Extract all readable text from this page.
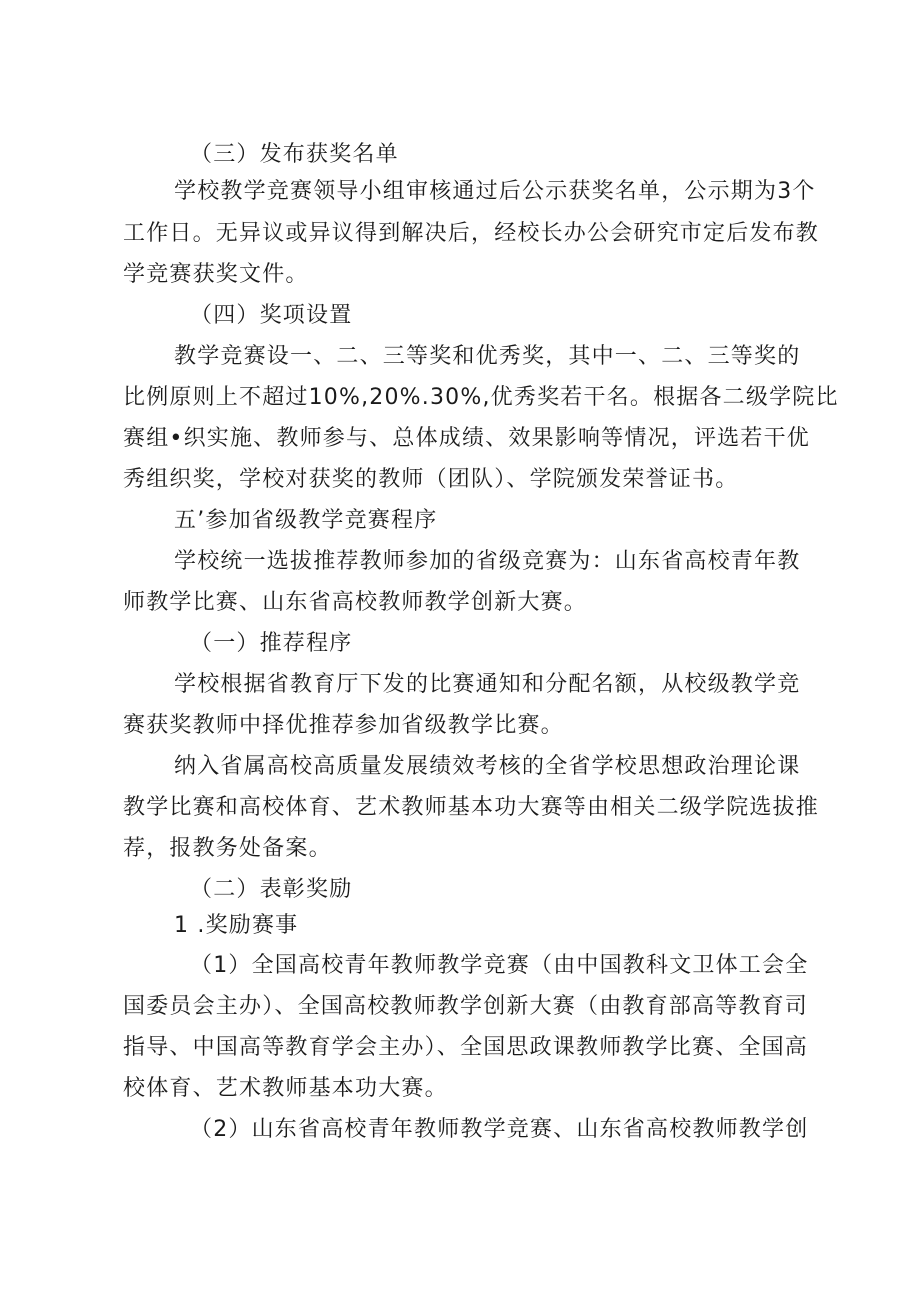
（三）发布获奖名单
学校教学竞赛领导小组审核通过后公示获奖名单，公示期为3个
工作日。无异议或异议得到解决后，经校长办公会研究市定后发布教
学竞赛获奖文件。
（四）奖项设置
教学竞赛设一、二、三等奖和优秀奖，其中一、二、三等奖的
比例原则上不超过10%,20%.30%,优秀奖若干名。根据各二级学院比
赛组•织实施、教师参与、总体成绩、效果影响等情况，评选若干优
秀组织奖，学校对获奖的教师（团队）、学院颁发荣誉证书。
五’参加省级教学竞赛程序
学校统一选拔推荐教师参加的省级竞赛为：山东省高校青年教
师教学比赛、山东省高校教师教学创新大赛。
（一）推荐程序
学校根据省教育厅下发的比赛通知和分配名额，从校级教学竞
赛获奖教师中择优推荐参加省级教学比赛。
纳入省属高校高质量发展绩效考核的全省学校思想政治理论课
教学比赛和高校体育、艺术教师基本功大赛等由相关二级学院选拔推
荐，报教务处备案。
（二）表彰奖励
1 .奖励赛事
（1）全国高校青年教师教学竞赛（由中国教科文卫体工会全
国委员会主办）、全国高校教师教学创新大赛（由教育部高等教育司
指导、中国高等教育学会主办）、全国思政课教师教学比赛、全国高
校体育、艺术教师基本功大赛。
（2）山东省高校青年教师教学竞赛、山东省高校教师教学创
